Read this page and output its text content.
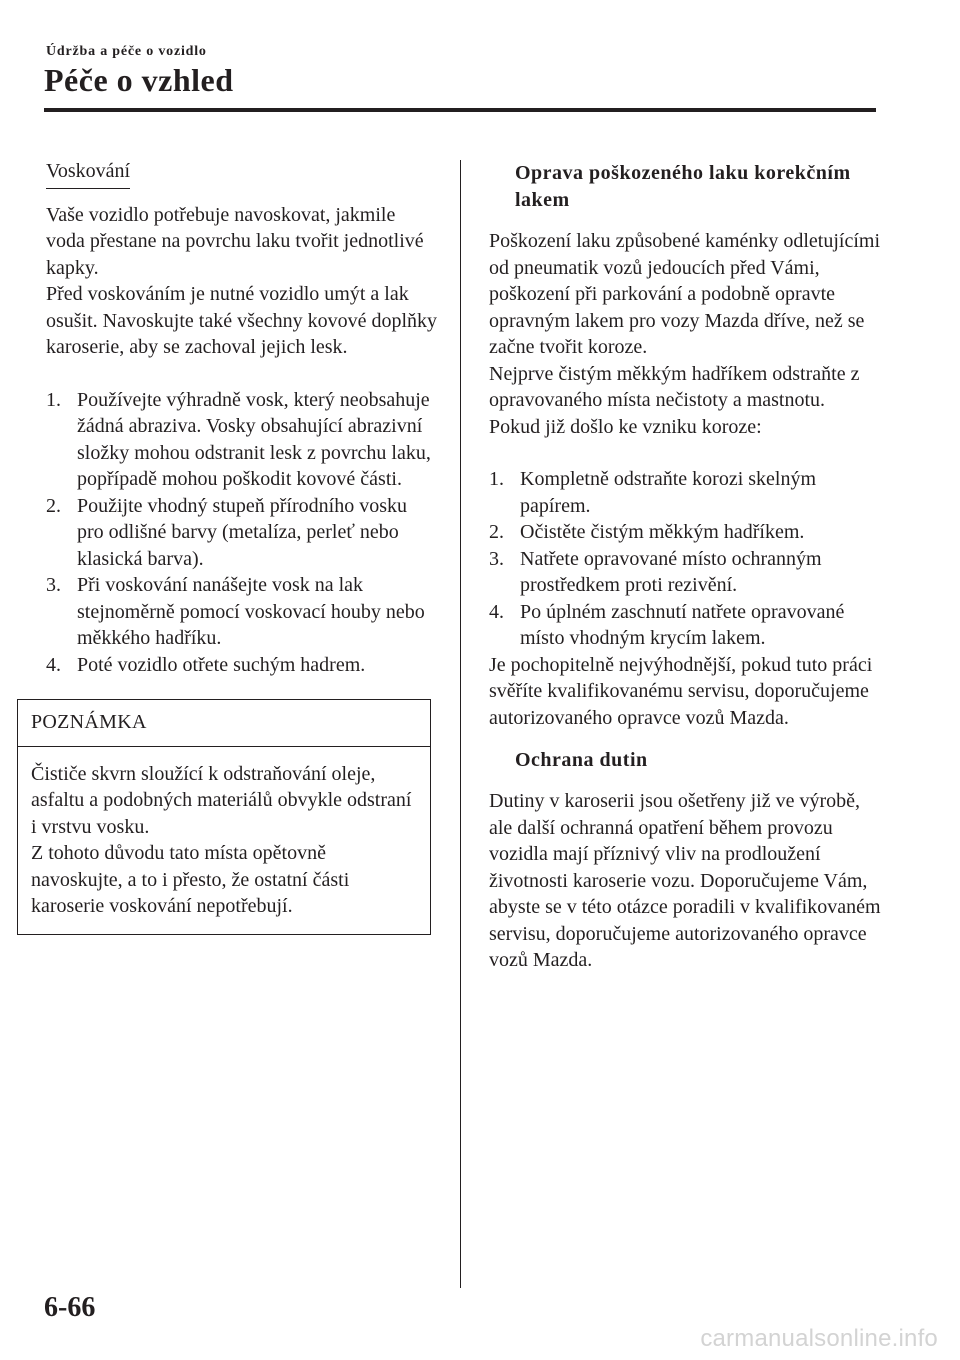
Údržba a péče o vozidlo
Péče o vzhled
Voskování

Vaše vozidlo potřebuje navoskovat, jakmile voda přestane na povrchu laku tvořit jednotlivé kapky.

Před voskováním je nutné vozidlo umýt a lak osušit. Navoskujte také všechny kovové doplňky karoserie, aby se zachoval jejich lesk.

1. Používejte výhradně vosk, který neobsahuje žádná abraziva. Vosky obsahující abrazivní složky mohou odstranit lesk z povrchu laku, popřípadě mohou poškodit kovové části.
2. Použijte vhodný stupeň přírodního vosku pro odlišné barvy (metalíza, perleť nebo klasická barva).
3. Při voskování nanášejte vosk na lak stejnoměrně pomocí voskovací houby nebo měkkého hadříku.
4. Poté vozidlo otřete suchým hadrem.
POZNÁMKA

Čističe skvrn sloužící k odstraňování oleje, asfaltu a podobných materiálů obvykle odstraní i vrstvu vosku.

Z tohoto důvodu tato místa opětovně navoskujte, a to i přesto, že ostatní části karoserie voskování nepotřebují.

Oprava poškozeného laku korekčním lakem

Poškození laku způsobené kaménky odletujícími od pneumatik vozů jedoucích před Vámi, poškození při parkování a podobně opravte opravným lakem pro vozy Mazda dříve, než se začne tvořit koroze.

Nejprve čistým měkkým hadříkem odstraňte z opravovaného místa nečistoty a mastnotu.

Pokud již došlo ke vzniku koroze:

1. Kompletně odstraňte korozi skelným papírem.
2. Očistěte čistým měkkým hadříkem.
3. Natřete opravované místo ochranným prostředkem proti rezivění.
4. Po úplném zaschnutí natřete opravované místo vhodným krycím lakem.

Je pochopitelně nejvýhodnější, pokud tuto práci svěříte kvalifikovanému servisu, doporučujeme autorizovaného opravce vozů Mazda.

Ochrana dutin

Dutiny v karoserii jsou ošetřeny již ve výrobě, ale další ochranná opatření během provozu vozidla mají příznivý vliv na prodloužení životnosti karoserie vozu. Doporučujeme Vám, abyste se v této otázce poradili v kvalifikovaném servisu, doporučujeme autorizovaného opravce vozů Mazda.

6-66
carmanualsonline.info
